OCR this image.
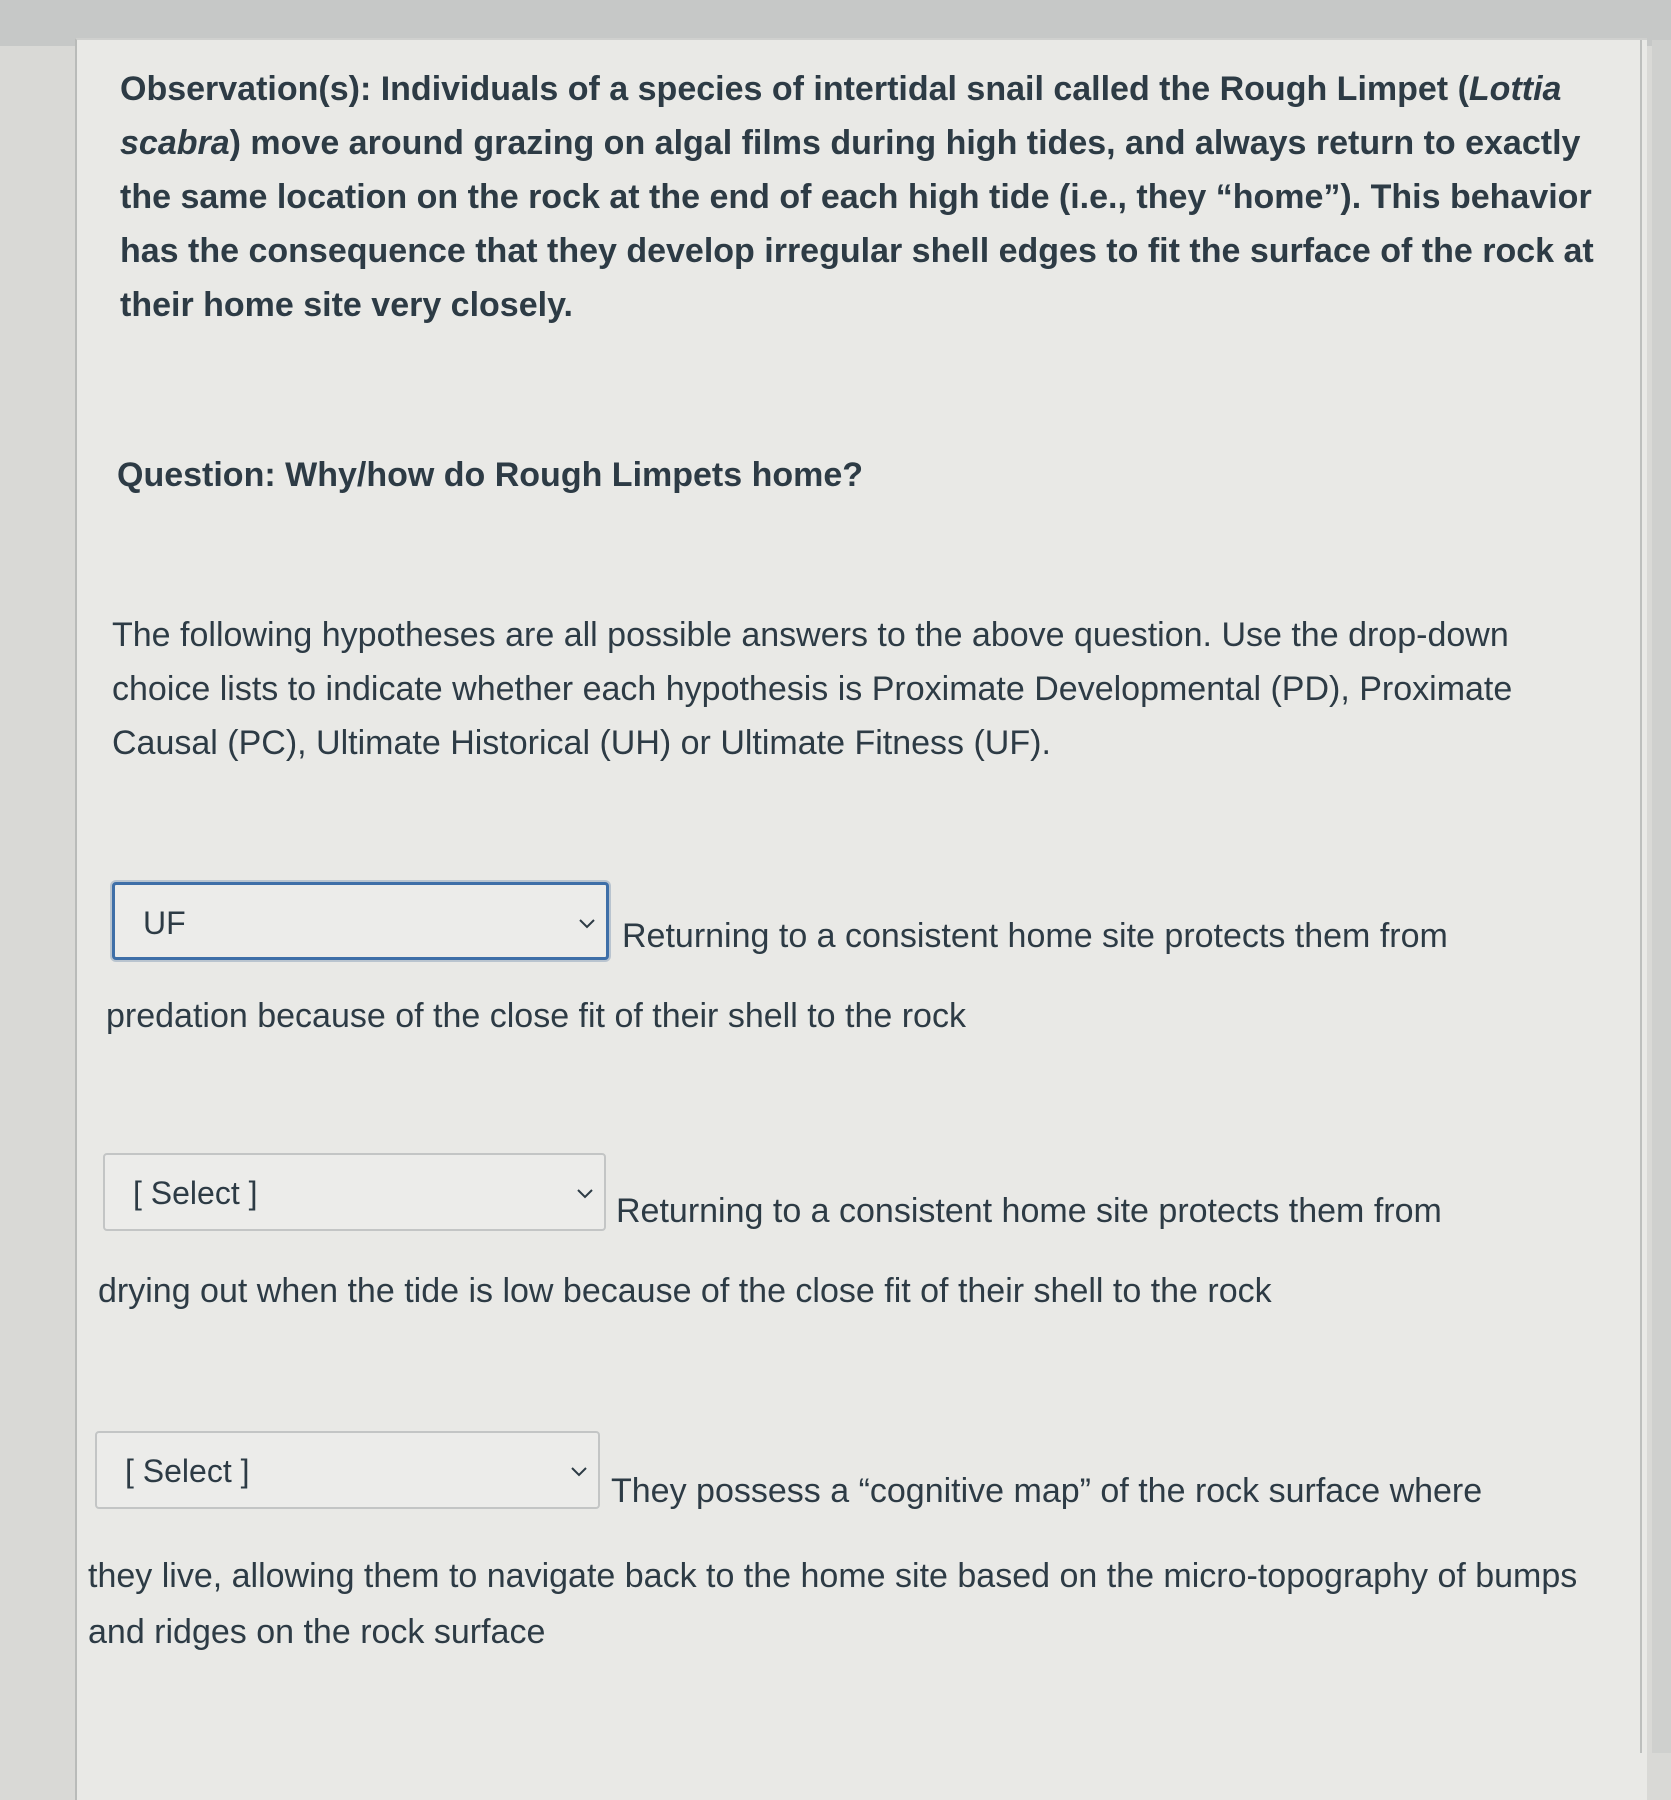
Observation(s): Individuals of a species of intertidal snail called the Rough Limpet (Lottia scabra) move around grazing on algal films during high tides, and always return to exactly the same location on the rock at the end of each high tide (i.e., they “home”). This behavior has the consequence that they develop irregular shell edges to fit the surface of the rock at their home site very closely.

Question: Why/how do Rough Limpets home?

The following hypotheses are all possible answers to the above question. Use the drop-down choice lists to indicate whether each hypothesis is Proximate Developmental (PD), Proximate Causal (PC), Ultimate Historical (UH) or Ultimate Fitness (UF).

UF	Returning to a consistent home site protects them from

predation because of the close fit of their shell to the rock

[ Select ]	Returning to a consistent home site protects them from

drying out when the tide is low because of the close fit of their shell to the rock

[ Select ]

They possess a “cognitive map” of the rock surface where

they live, allowing them to navigate back to the home site based on the micro-topography of bumps and ridges on the rock surface
